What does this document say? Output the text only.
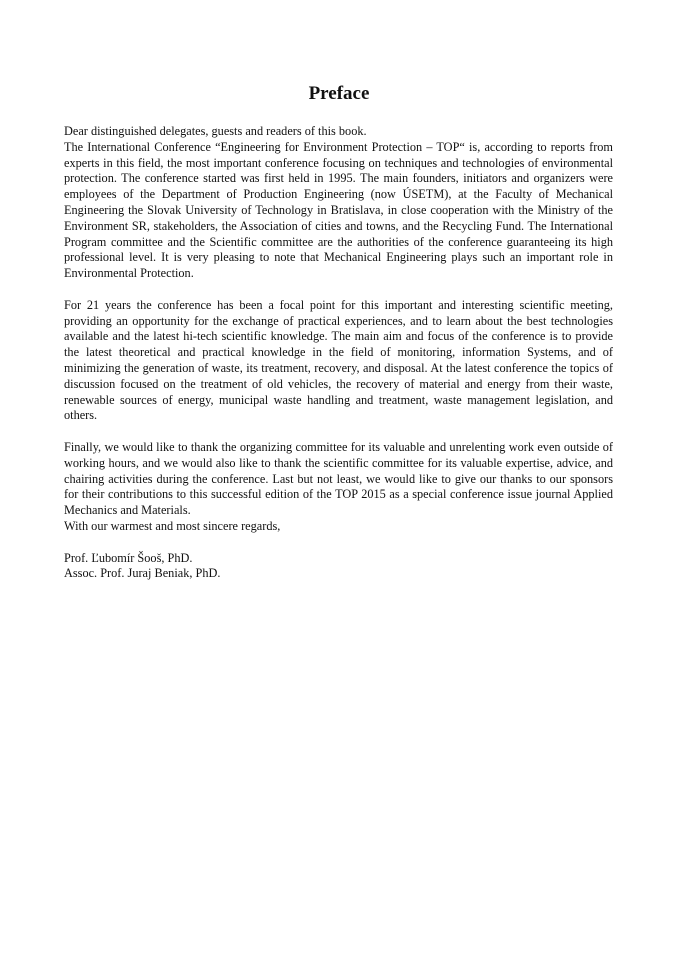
Preface
Dear distinguished delegates, guests and readers of this book.

The International Conference “Engineering for Environment Protection – TOP“ is, according to reports from experts in this field, the most important conference focusing on techniques and technologies of environmental protection. The conference started was first held in 1995. The main founders, initiators and organizers were employees of the Department of Production Engineering (now ÚSETM), at the Faculty of Mechanical Engineering the Slovak University of Technology in Bratislava, in close cooperation with the Ministry of the Environment SR, stakeholders, the Association of cities and towns, and the Recycling Fund. The International Program committee and the Scientific committee are the authorities of the conference guaranteeing its high professional level. It is very pleasing to note that Mechanical Engineering plays such an important role in Environmental Protection.

For 21 years the conference has been a focal point for this important and interesting scientific meeting, providing an opportunity for the exchange of practical experiences, and to learn about the best technologies available and the latest hi-tech scientific knowledge. The main aim and focus of the conference is to provide the latest theoretical and practical knowledge in the field of monitoring, information Systems, and of minimizing the generation of waste, its treatment, recovery, and disposal. At the latest conference the topics of discussion focused on the treatment of old vehicles, the recovery of material and energy from their waste, renewable sources of energy, municipal waste handling and treatment, waste management legislation, and others.

Finally, we would like to thank the organizing committee for its valuable and unrelenting work even outside of working hours, and we would also like to thank the scientific committee for its valuable expertise, advice, and chairing activities during the conference. Last but not least, we would like to give our thanks to our sponsors for their contributions to this successful edition of the TOP 2015 as a special conference issue journal Applied Mechanics and Materials.

With our warmest and most sincere regards,
Prof. Ľubomír Šooš, PhD.
Assoc. Prof. Juraj Beniak, PhD.
